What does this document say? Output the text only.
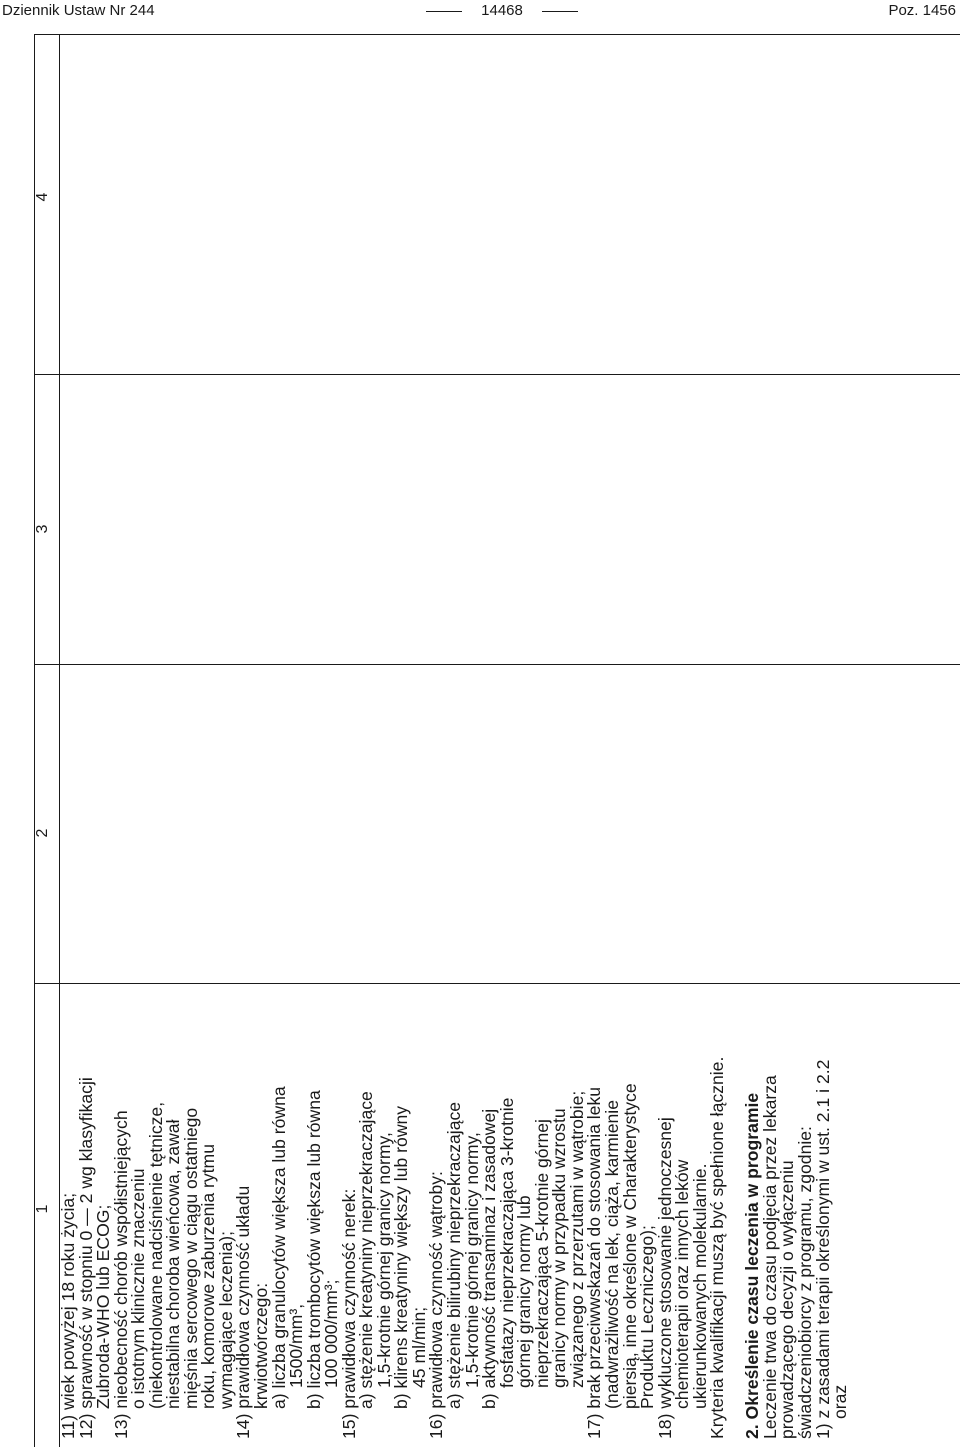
Dziennik Ustaw Nr 244	14468	Poz. 1456
4
3
2
1 11) wiek powyżej 18 roku życia;

12) sprawność w stopniu 0 — 2 wg klasyfikacji

Zubroda-WHO lub ECOG;

13) nieobecność chorób współistniejących

o istotnym klinicznie znaczeniu

(niekontrolowane nadciśnienie tętnicze,

niestabilna choroba wieńcowa, zawał

mięśnia sercowego w ciągu ostatniego

roku, komorowe zaburzenia rytmu

wymagające leczenia);

14) prawidłowa czynność układu

krwiotwórczego:

a) liczba granulocytów większa lub równa

1500/mm³,

b) liczba trombocytów większa lub równa

100 000/mm³;

15) prawidłowa czynność nerek:

a) stężenie kreatyniny nieprzekraczające

1,5-krotnie górnej granicy normy,

b) klirens kreatyniny większy lub równy

45 ml/min;

16) prawidłowa czynność wątroby:

a) stężenie bilirubiny nieprzekraczające

1,5-krotnie górnej granicy normy,

b) aktywność transaminaz i zasadowej

fosfatazy nieprzekraczająca 3-krotnie

górnej granicy normy lub

nieprzekraczająca 5-krotnie górnej

granicy normy w przypadku wzrostu

związanego z przerzutami w wątrobie;

17) brak przeciwwskazań do stosowania leku

(nadwrażliwość na lek, ciąża, karmienie

piersią, inne określone w Charakterystyce

Produktu Leczniczego);

18) wykluczone stosowanie jednoczesnej

chemioterapii oraz innych leków

ukierunkowanych molekularnie.

Kryteria kwalifikacji muszą być spełnione łącznie. 2. Określenie czasu leczenia w programie

Leczenie trwa do czasu podjęcia przez lekarza

prowadzącego decyzji o wyłączeniu

świadczeniobiorcy z programu, zgodnie:

1) z zasadami terapii określonymi w ust. 2.1 i 2.2

oraz
